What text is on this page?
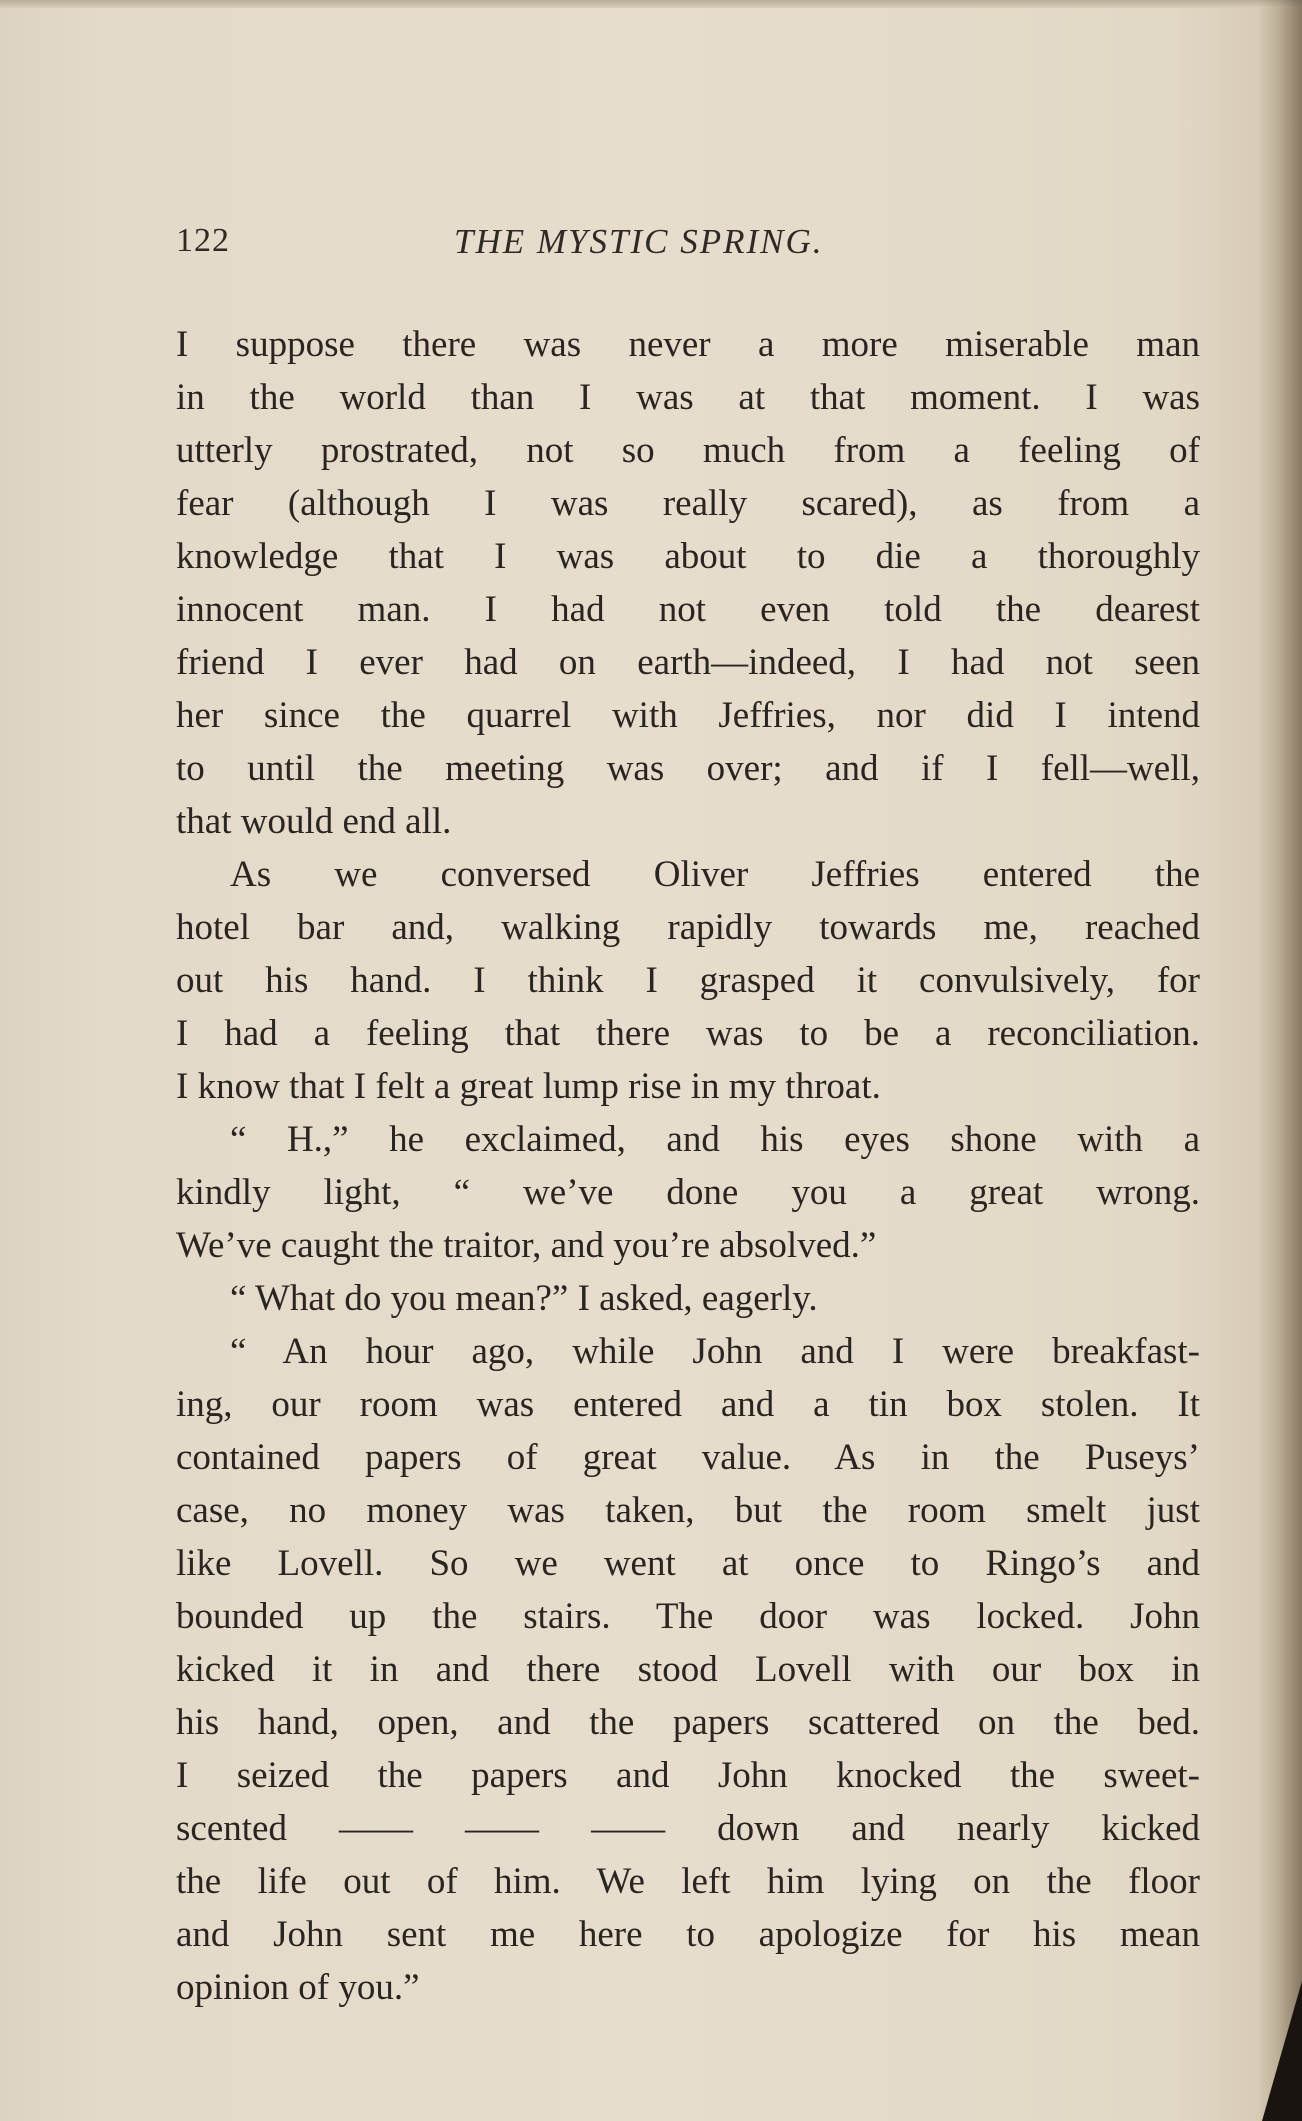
122	THE MYSTIC SPRING.
I suppose there was never a more miserable man
in the world than I was at that moment. I was
utterly prostrated, not so much from a feeling of
fear (although I was really scared), as from a
knowledge that I was about to die a thoroughly
innocent man. I had not even told the dearest
friend I ever had on earth—indeed, I had not seen
her since the quarrel with Jeffries, nor did I intend
to until the meeting was over; and if I fell—well,
that would end all.
As we conversed Oliver Jeffries entered the
hotel bar and, walking rapidly towards me, reached
out his hand. I think I grasped it convulsively, for
I had a feeling that there was to be a reconciliation.
I know that I felt a great lump rise in my throat.
“ H.,” he exclaimed, and his eyes shone with a
kindly light, “ we’ve done you a great wrong.
We’ve caught the traitor, and you’re absolved.”
“ What do you mean?” I asked, eagerly.
“ An hour ago, while John and I were breakfast-
ing, our room was entered and a tin box stolen. It
contained papers of great value. As in the Puseys’
case, no money was taken, but the room smelt just
like Lovell. So we went at once to Ringo’s and
bounded up the stairs. The door was locked. John
kicked it in and there stood Lovell with our box in
his hand, open, and the papers scattered on the bed.
I seized the papers and John knocked the sweet-
scented —— —— —— down and nearly kicked
the life out of him. We left him lying on the floor
and John sent me here to apologize for his mean
opinion of you.”
